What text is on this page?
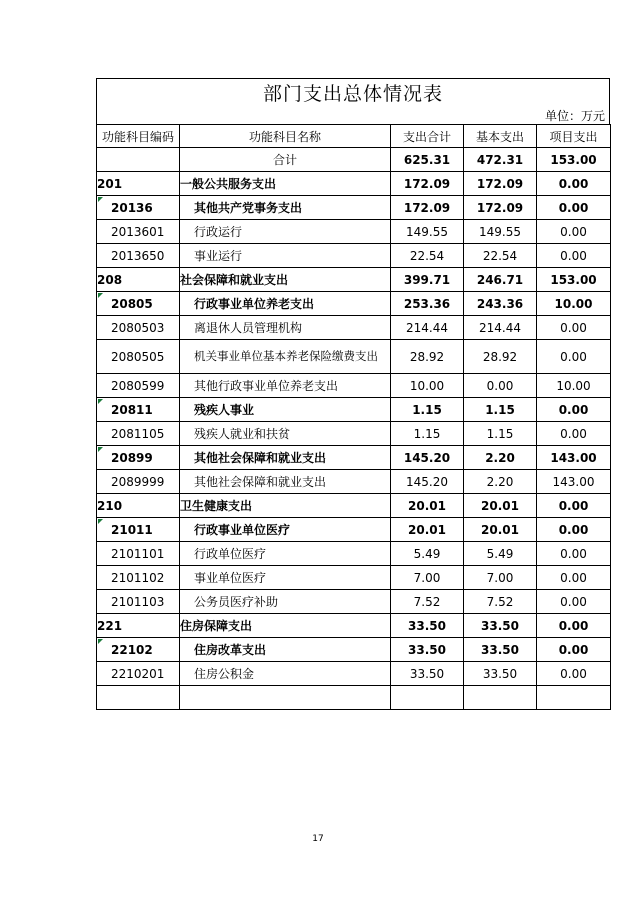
部门支出总体情况表
单位：万元
功能科目编码	功能科目名称	支出合计	基本支出	项目支出
	合计	625.31	472.31	153.00
201	一般公共服务支出	172.09	172.09	0.00

20136	其他共产党事务支出	172.09	172.09	0.00
2013601	行政运行	149.55	149.55	0.00
2013650	事业运行	22.54	22.54	0.00
208	社会保障和就业支出	399.71	246.71	153.00

20805	行政事业单位养老支出	253.36	243.36	10.00
2080503	离退休人员管理机构	214.44	214.44	0.00
2080505	机关事业单位基本养老保险缴费支出	28.92	28.92	0.00
2080599	其他行政事业单位养老支出	10.00	0.00	10.00

20811	残疾人事业	1.15	1.15	0.00
2081105	残疾人就业和扶贫	1.15	1.15	0.00

20899	其他社会保障和就业支出	145.20	2.20	143.00
2089999	其他社会保障和就业支出	145.20	2.20	143.00
210	卫生健康支出	20.01	20.01	0.00

21011	行政事业单位医疗	20.01	20.01	0.00
2101101	行政单位医疗	5.49	5.49	0.00
2101102	事业单位医疗	7.00	7.00	0.00
2101103	公务员医疗补助	7.52	7.52	0.00
221	住房保障支出	33.50	33.50	0.00

22102	住房改革支出	33.50	33.50	0.00
2210201	住房公积金	33.50	33.50	0.00

17
